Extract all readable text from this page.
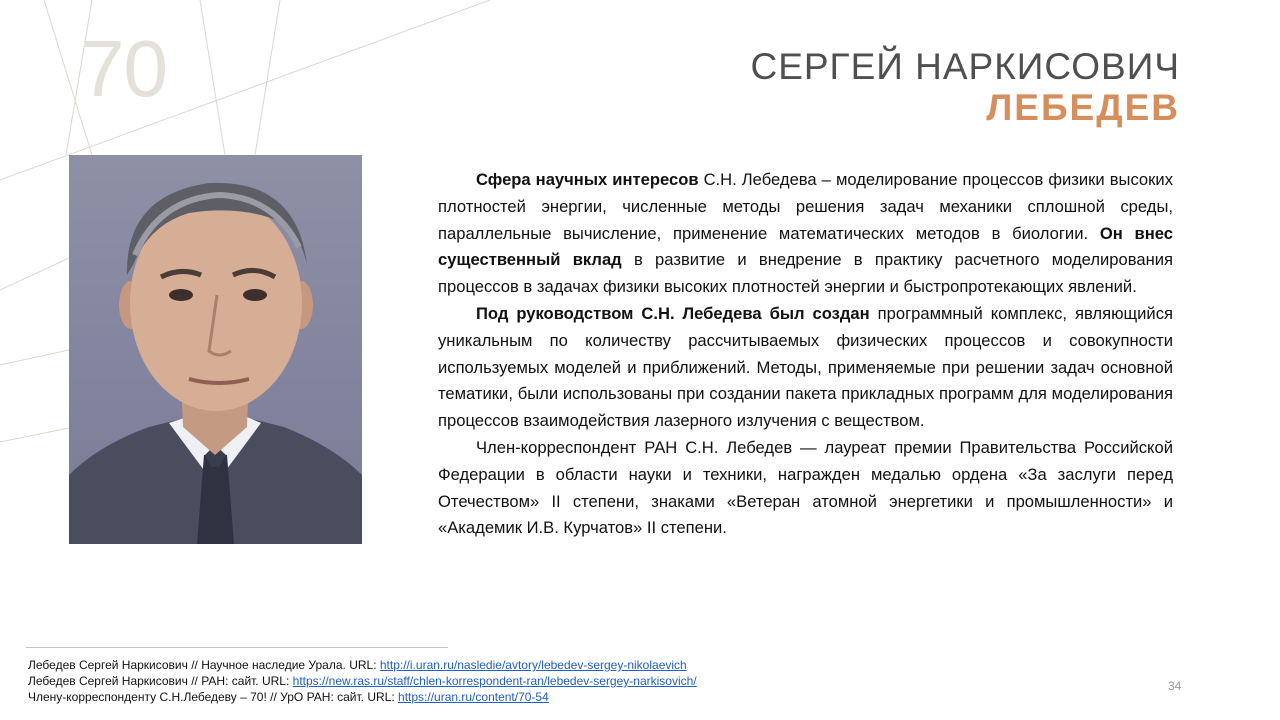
70	СЕРГЕЙ НАРКИСОВИЧ
ЛЕБЕДЕВ

Сфера научных интересов С.Н. Лебедева – моделирование процессов физики высоких плотностей энергии, численные методы решения задач механики сплошной среды, параллельные вычисление, применение математических методов в биологии. Он внес существенный вклад в развитие и внедрение в практику расчетного моделирования процессов в задачах физики высоких плотностей энергии и быстропротекающих явлений.

Под руководством С.Н. Лебедева был создан программный комплекс, являющийся уникальным по количеству рассчитываемых физических процессов и совокупности используемых моделей и приближений. Методы, применяемые при решении задач основной тематики, были использованы при создании пакета прикладных программ для моделирования процессов взаимодействия лазерного излучения с веществом.

Член-корреспондент РАН С.Н. Лебедев — лауреат премии Правительства Российской Федерации в области науки и техники, награжден медалью ордена «За заслуги перед Отечеством» II степени, знаками «Ветеран атомной энергетики и промышленности» и «Академик И.В. Курчатов» II степени.

Лебедев Сергей Наркисович // Научное наследие Урала. URL: http://i.uran.ru/nasledie/avtory/lebedev-sergey-nikolaevich
Лебедев Сергей Наркисович // РАН: сайт. URL: https://new.ras.ru/staff/chlen-korrespondent-ran/lebedev-sergey-narkisovich/
Члену-корреспонденту С.Н.Лебедеву – 70! // УрО РАН: сайт. URL: https://uran.ru/content/70-54
34
